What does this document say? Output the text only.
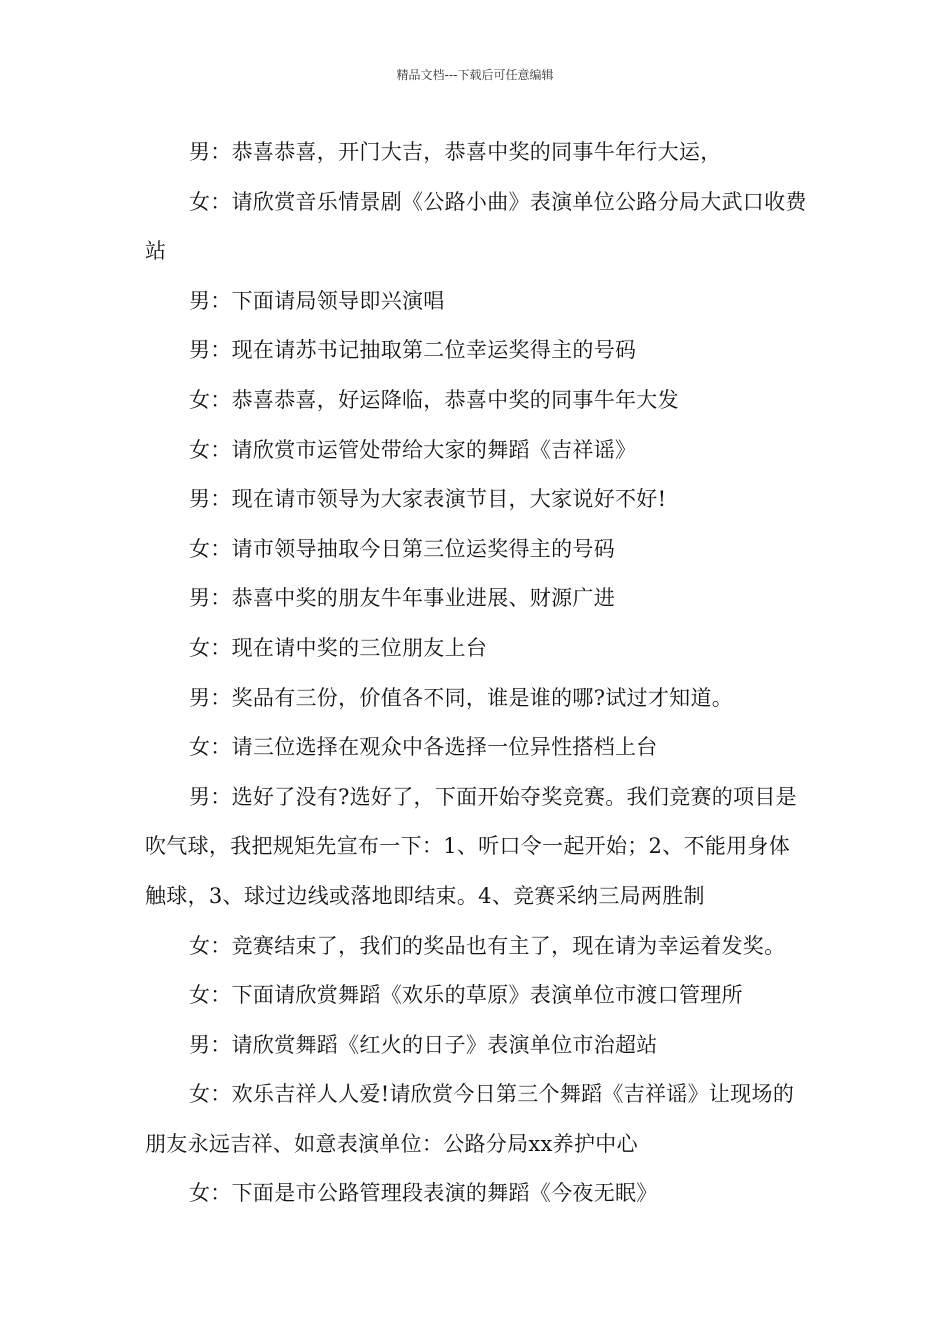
精品文档---下载后可任意编辑

男：恭喜恭喜，开门大吉，恭喜中奖的同事牛年行大运，

女：请欣赏音乐情景剧《公路小曲》表演单位公路分局大武口收费站

男：下面请局领导即兴演唱

男：现在请苏书记抽取第二位幸运奖得主的号码

女：恭喜恭喜，好运降临，恭喜中奖的同事牛年大发

女：请欣赏市运管处带给大家的舞蹈《吉祥谣》

男：现在请市领导为大家表演节目，大家说好不好!

女：请市领导抽取今日第三位运奖得主的号码

男：恭喜中奖的朋友牛年事业进展、财源广进

女：现在请中奖的三位朋友上台

男：奖品有三份，价值各不同，谁是谁的哪?试过才知道。

女：请三位选择在观众中各选择一位异性搭档上台

男：选好了没有?选好了，下面开始夺奖竞赛。我们竞赛的项目是吹气球，我把规矩先宣布一下：1、听口令一起开始；2、不能用身体触球，3、球过边线或落地即结束。4、竞赛采纳三局两胜制

女：竞赛结束了，我们的奖品也有主了，现在请为幸运着发奖。

女：下面请欣赏舞蹈《欢乐的草原》表演单位市渡口管理所

男：请欣赏舞蹈《红火的日子》表演单位市治超站

女：欢乐吉祥人人爱!请欣赏今日第三个舞蹈《吉祥谣》让现场的朋友永远吉祥、如意表演单位：公路分局xx养护中心

女：下面是市公路管理段表演的舞蹈《今夜无眠》
